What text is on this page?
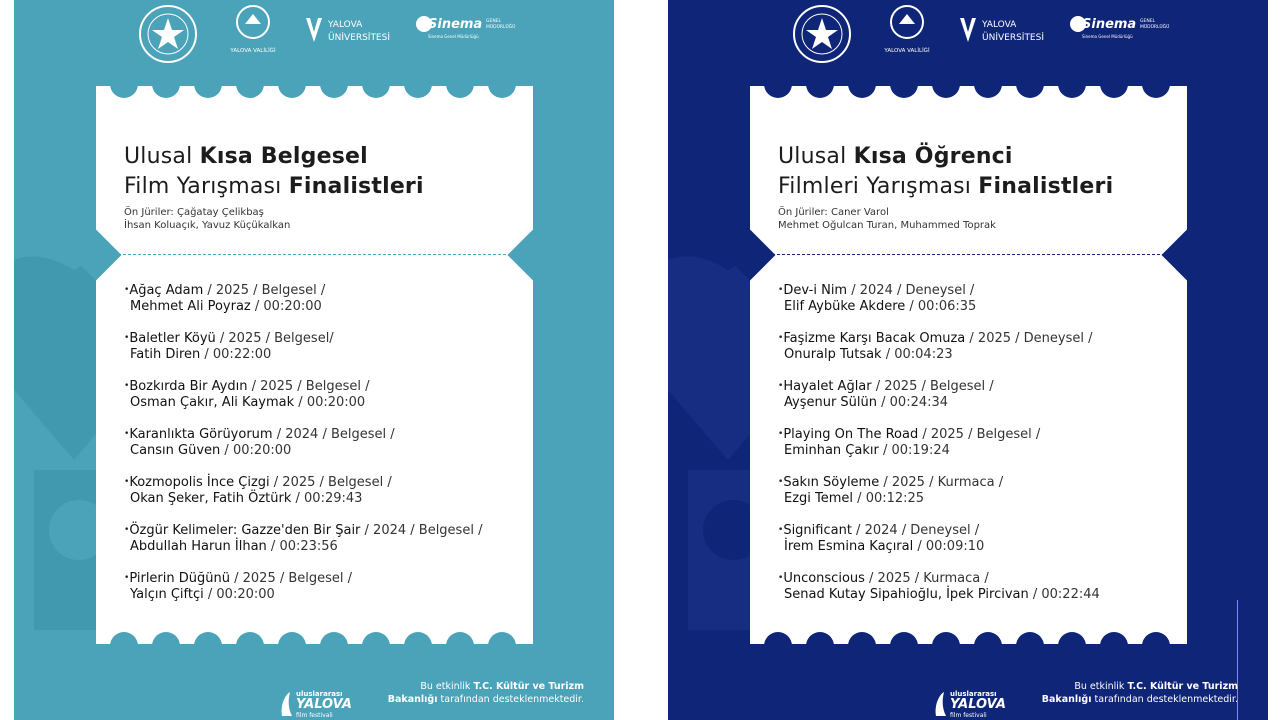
YALOVA VALİLİĞİ
YALOVA
ÜNİVERSİTESİ
Sinema GENEL
MÜDÜRLÜĞÜ
Sinema Genel Müdürlüğü
Ulusal Kısa Belgesel
Film Yarışması Finalistleri
Ön Jüriler: Çağatay Çelikbaş
İhsan Koluaçık, Yavuz Küçükalkan
•Ağaç Adam / 2025 / Belgesel /
Mehmet Ali Poyraz / 00:20:00
•Baletler Köyü / 2025 / Belgesel/
Fatih Diren / 00:22:00
•Bozkırda Bir Aydın / 2025 / Belgesel /
Osman Çakır, Ali Kaymak / 00:20:00
•Karanlıkta Görüyorum / 2024 / Belgesel /
Cansın Güven / 00:20:00
•Kozmopolis İnce Çizgi / 2025 / Belgesel /
Okan Şeker, Fatih Öztürk / 00:29:43
•Özgür Kelimeler: Gazze'den Bir Şair / 2024 / Belgesel /
Abdullah Harun İlhan / 00:23:56
•Pirlerin Düğünü / 2025 / Belgesel /
Yalçın Çiftçi / 00:20:00
uluslararası
YALOVA
film festivali
Bu etkinlik T.C. Kültür ve Turizm
Bakanlığı tarafından desteklenmektedir.
YALOVA VALİLİĞİ
YALOVA
ÜNİVERSİTESİ
Sinema GENEL
MÜDÜRLÜĞÜ
Sinema Genel Müdürlüğü
Ulusal Kısa Öğrenci
Filmleri Yarışması Finalistleri
Ön Jüriler: Caner Varol
Mehmet Oğulcan Turan, Muhammed Toprak
•Dev-i Nim / 2024 / Deneysel /
Elif Aybüke Akdere / 00:06:35
•Faşizme Karşı Bacak Omuza / 2025 / Deneysel /
Onuralp Tutsak / 00:04:23
•Hayalet Ağlar / 2025 / Belgesel /
Ayşenur Sülün / 00:24:34
•Playing On The Road / 2025 / Belgesel /
Eminhan Çakır / 00:19:24
•Sakın Söyleme / 2025 / Kurmaca /
Ezgi Temel / 00:12:25
•Significant / 2024 / Deneysel /
İrem Esmina Kaçıral / 00:09:10
•Unconscious / 2025 / Kurmaca /
Senad Kutay Sipahioğlu, İpek Pircivan / 00:22:44
uluslararası
YALOVA
film festivali
Bu etkinlik T.C. Kültür ve Turizm
Bakanlığı tarafından desteklenmektedir.
